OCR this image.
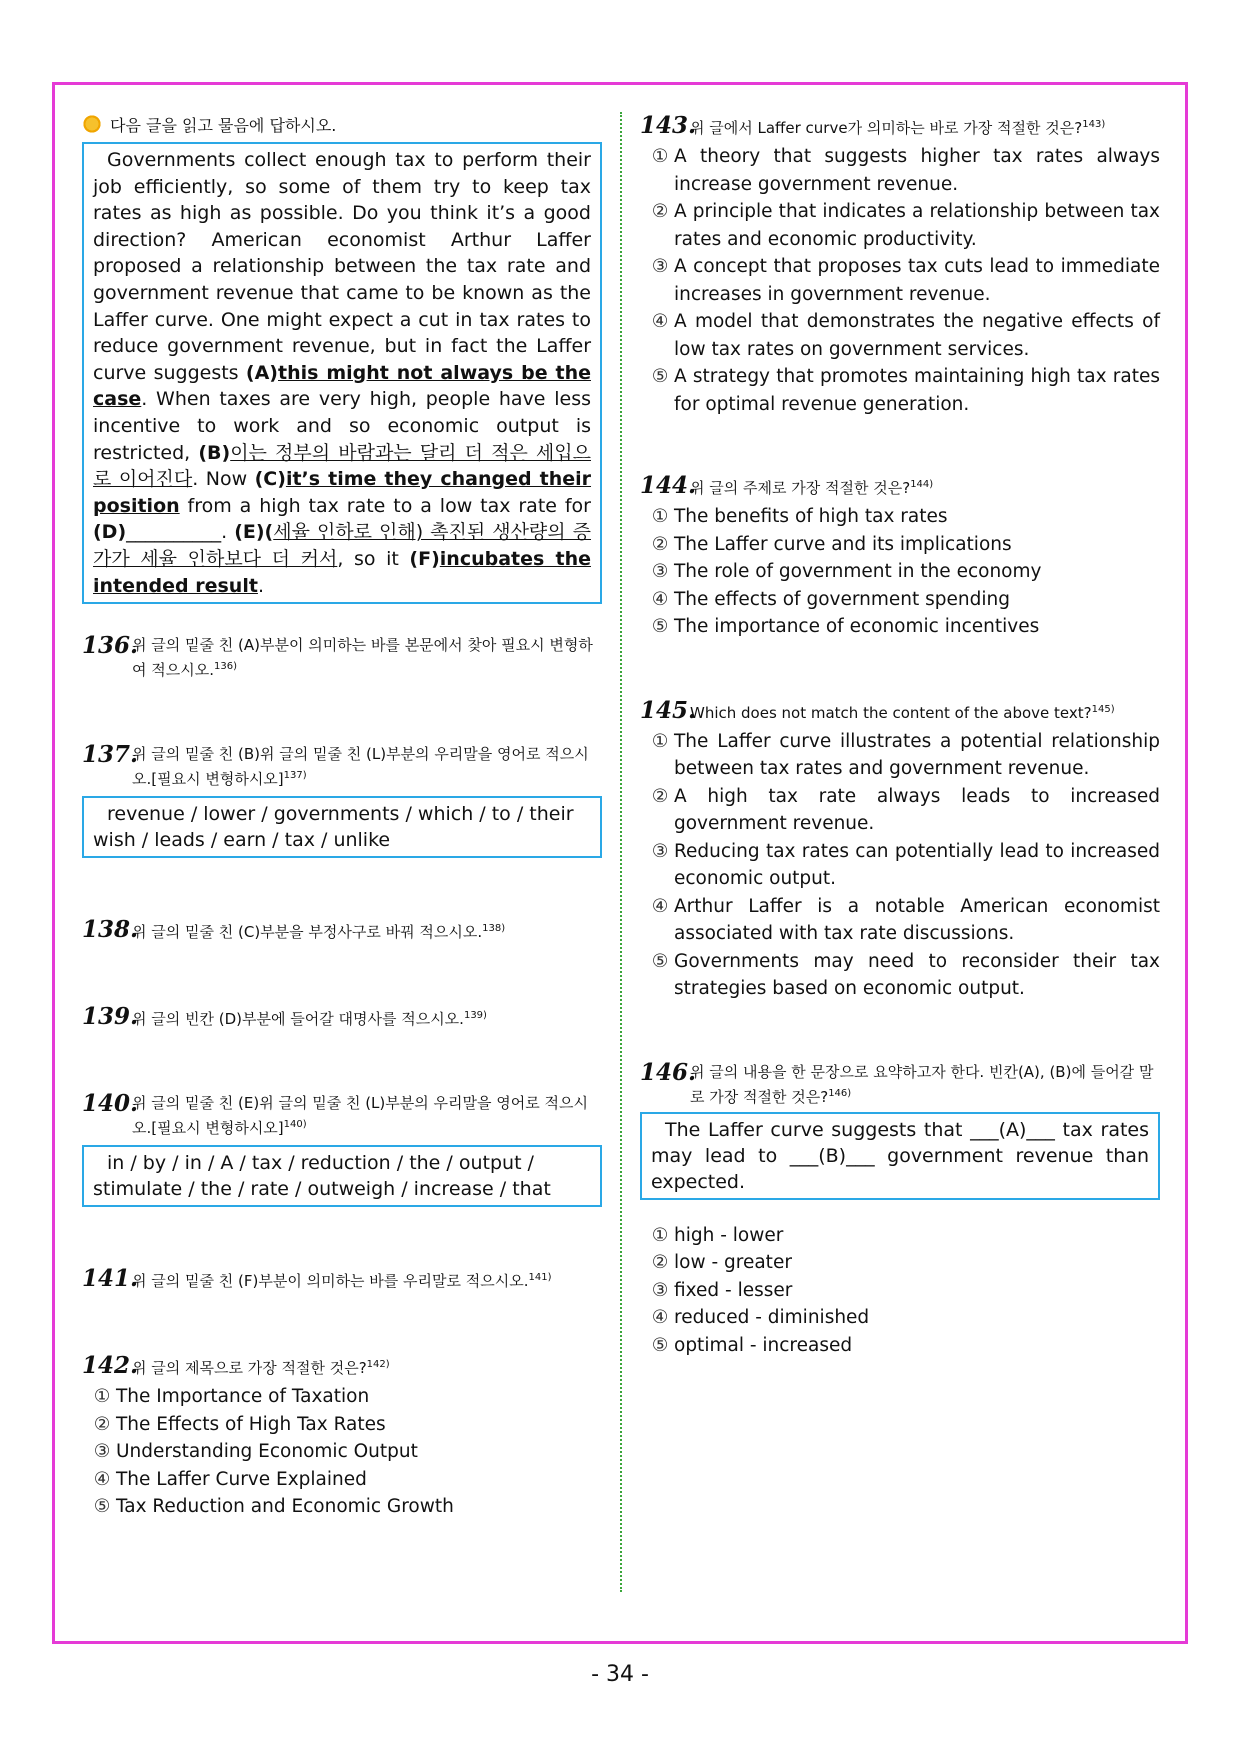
다음 글을 읽고 물음에 답하시오.
Governments collect enough tax to perform their job efficiently, so some of them try to keep tax rates as high as possible. Do you think it’s a good direction? American economist Arthur Laffer proposed a relationship between the tax rate and government revenue that came to be known as the Laffer curve. One might expect a cut in tax rates to reduce government revenue, but in fact the Laffer curve suggests (A)this might not always be the case. When taxes are very high, people have less incentive to work and so economic output is restricted, (B)이는 정부의 바람과는 달리 더 적은 세입으로 이어진다. Now (C)it’s time they changed their position from a high tax rate to a low tax rate for (D)__________. (E)(세율 인하로 인해) 촉진된 생산량의 증가가 세율 인하보다 더 커서, so it (F)incubates the intended result.
136.
위 글의 밑줄 친 (A)부분이 의미하는 바를 본문에서 찾아 필요시 변형하여 적으시오.$^{136)}$
137.
위 글의 밑줄 친 (B)위 글의 밑줄 친 (L)부분의 우리말을 영어로 적으시오.[필요시 변형하시오]$^{137)}$
revenue / lower / governments / which / to / their wish / leads / earn / tax / unlike
138.
위 글의 밑줄 친 (C)부분을 부정사구로 바꿔 적으시오.$^{138)}$
139.
위 글의 빈칸 (D)부분에 들어갈 대명사를 적으시오.$^{139)}$
140.
위 글의 밑줄 친 (E)위 글의 밑줄 친 (L)부분의 우리말을 영어로 적으시오.[필요시 변형하시오]$^{140)}$
in / by / in / A / tax / reduction / the / output / stimulate / the / rate / outweigh / increase / that
141.
위 글의 밑줄 친 (F)부분이 의미하는 바를 우리말로 적으시오.$^{141)}$
142.
위 글의 제목으로 가장 적절한 것은?$^{142)}$
① The Importance of Taxation
② The Effects of High Tax Rates
③ Understanding Economic Output
④ The Laffer Curve Explained
⑤ Tax Reduction and Economic Growth
143.
위 글에서 Laffer curve가 의미하는 바로 가장 적절한 것은?$^{143)}$
① A theory that suggests higher tax rates always increase government revenue.
② A principle that indicates a relationship between tax rates and economic productivity.
③ A concept that proposes tax cuts lead to immediate increases in government revenue.
④ A model that demonstrates the negative effects of low tax rates on government services.
⑤ A strategy that promotes maintaining high tax rates for optimal revenue generation.
144.
위 글의 주제로 가장 적절한 것은?$^{144)}$
① The benefits of high tax rates
② The Laffer curve and its implications
③ The role of government in the economy
④ The effects of government spending
⑤ The importance of economic incentives
145.
Which does not match the content of the above text?$^{145)}$
① The Laffer curve illustrates a potential relationship between tax rates and government revenue.
② A high tax rate always leads to increased government revenue.
③ Reducing tax rates can potentially lead to increased economic output.
④ Arthur Laffer is a notable American economist associated with tax rate discussions.
⑤ Governments may need to reconsider their tax strategies based on economic output.
146.
위 글의 내용을 한 문장으로 요약하고자 한다. 빈칸(A), (B)에 들어갈 말로 가장 적절한 것은?$^{146)}$
The Laffer curve suggests that ___(A)___ tax rates may lead to ___(B)___ government revenue than expected.
① high - lower
② low - greater
③ fixed - lesser
④ reduced - diminished
⑤ optimal - increased
- 34 -
